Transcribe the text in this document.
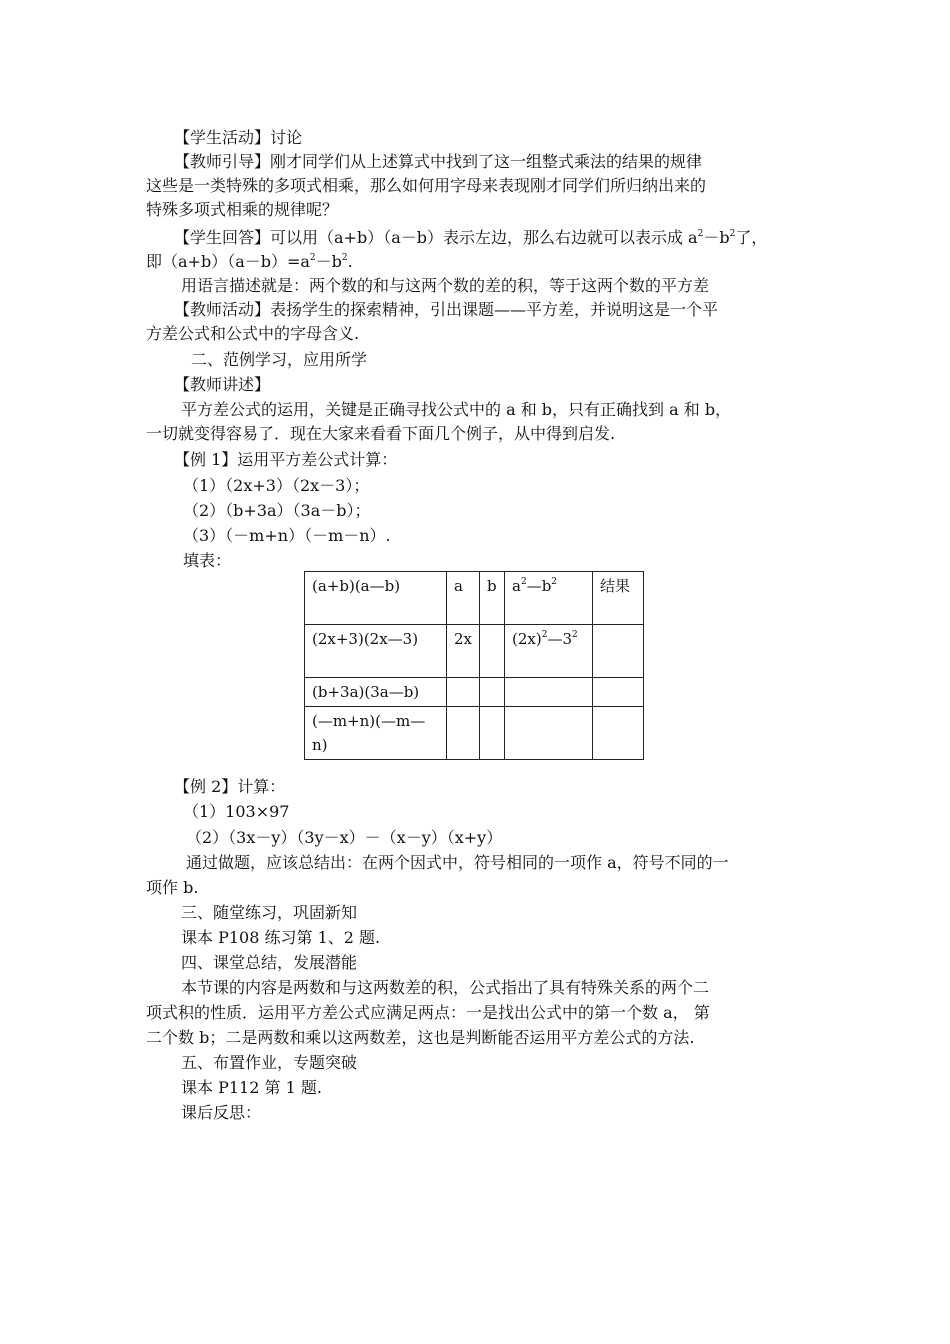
【学生活动】讨论
【教师引导】刚才同学们从上述算式中找到了这一组整式乘法的结果的规律
这些是一类特殊的多项式相乘，那么如何用字母来表现刚才同学们所归纳出来的
特殊多项式相乘的规律呢？
【学生回答】可以用（a+b）（a－b）表示左边，那么右边就可以表示成 $a^2-b^2$了，
即$(a+b)(a-b)=a^2-b^2$.
用语言描述就是：两个数的和与这两个数的差的积，等于这两个数的平方差
【教师活动】表扬学生的探索精神，引出课题——平方差，并说明这是一个平
方差公式和公式中的字母含义.
二、范例学习，应用所学
【教师讲述】
平方差公式的运用，关键是正确寻找公式中的 a 和 b，只有正确找到 a 和 b，
一切就变得容易了．现在大家来看看下面几个例子，从中得到启发.
【例 1】运用平方差公式计算：
（1）（2x+3）（2x－3）；
（2）（b+3a）（3a－b）；
（3）（－m+n）（－m－n）.
填表：
(a+b)(a—b)	a	b	$a^2—b^2$	结果
(2x+3)(2x—3)	2x		$(2x)^2—3^2$	
(b+3a)(3a—b)				
(—m+n)(—m—n)				
【例 2】计算：
（1）103×97
（2）（3x－y）（3y－x）－（x－y）（x+y）
通过做题，应该总结出：在两个因式中，符号相同的一项作 a，符号不同的一
项作 b.
三、随堂练习，巩固新知
课本 P108 练习第 1、2 题.
四、课堂总结，发展潜能
本节课的内容是两数和与这两数差的积，公式指出了具有特殊关系的两个二
项式积的性质．运用平方差公式应满足两点：一是找出公式中的第一个数 a， 第
二个数 b；二是两数和乘以这两数差，这也是判断能否运用平方差公式的方法.
五、布置作业，专题突破
课本 P112 第 1 题.
课后反思：
